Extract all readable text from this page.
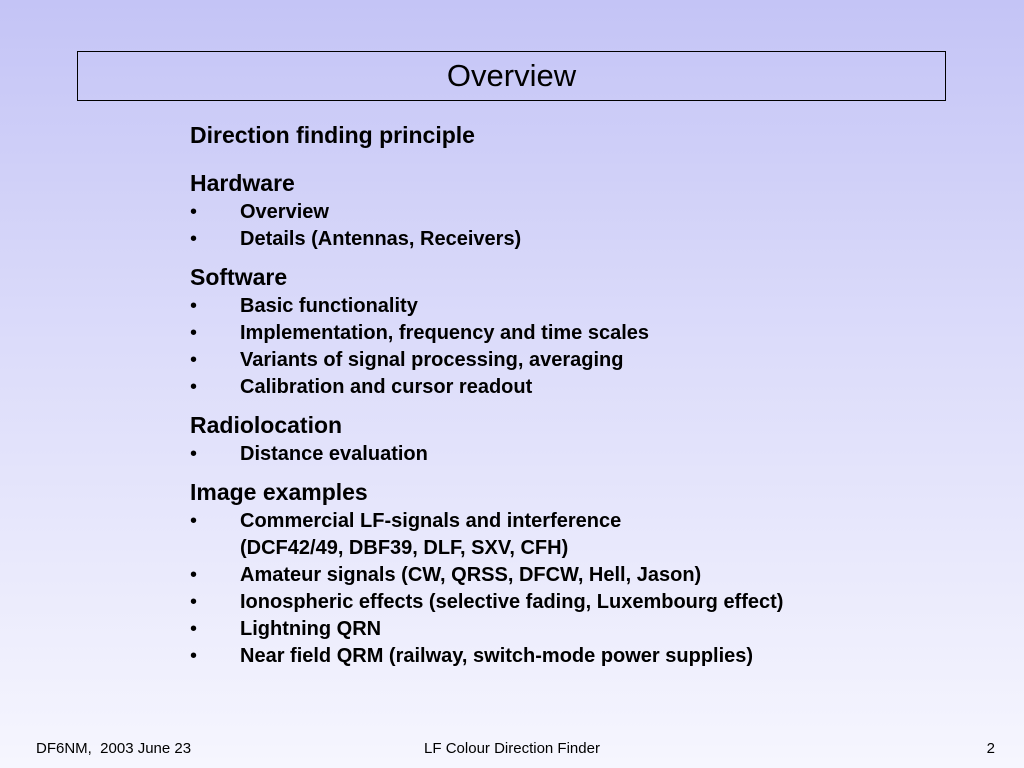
Overview
Direction finding principle
Hardware
• Overview
• Details (Antennas, Receivers)
Software
• Basic functionality
• Implementation, frequency and time scales
• Variants of signal processing, averaging
• Calibration and cursor readout
Radiolocation
• Distance evaluation
Image examples
• Commercial LF-signals and interference
(DCF42/49, DBF39, DLF, SXV, CFH)
• Amateur signals (CW, QRSS, DFCW, Hell, Jason)
• Ionospheric effects (selective fading, Luxembourg effect)
• Lightning QRN
• Near field QRM (railway, switch-mode power supplies)
DF6NM,  2003 June 23	LF Colour Direction Finder	2
